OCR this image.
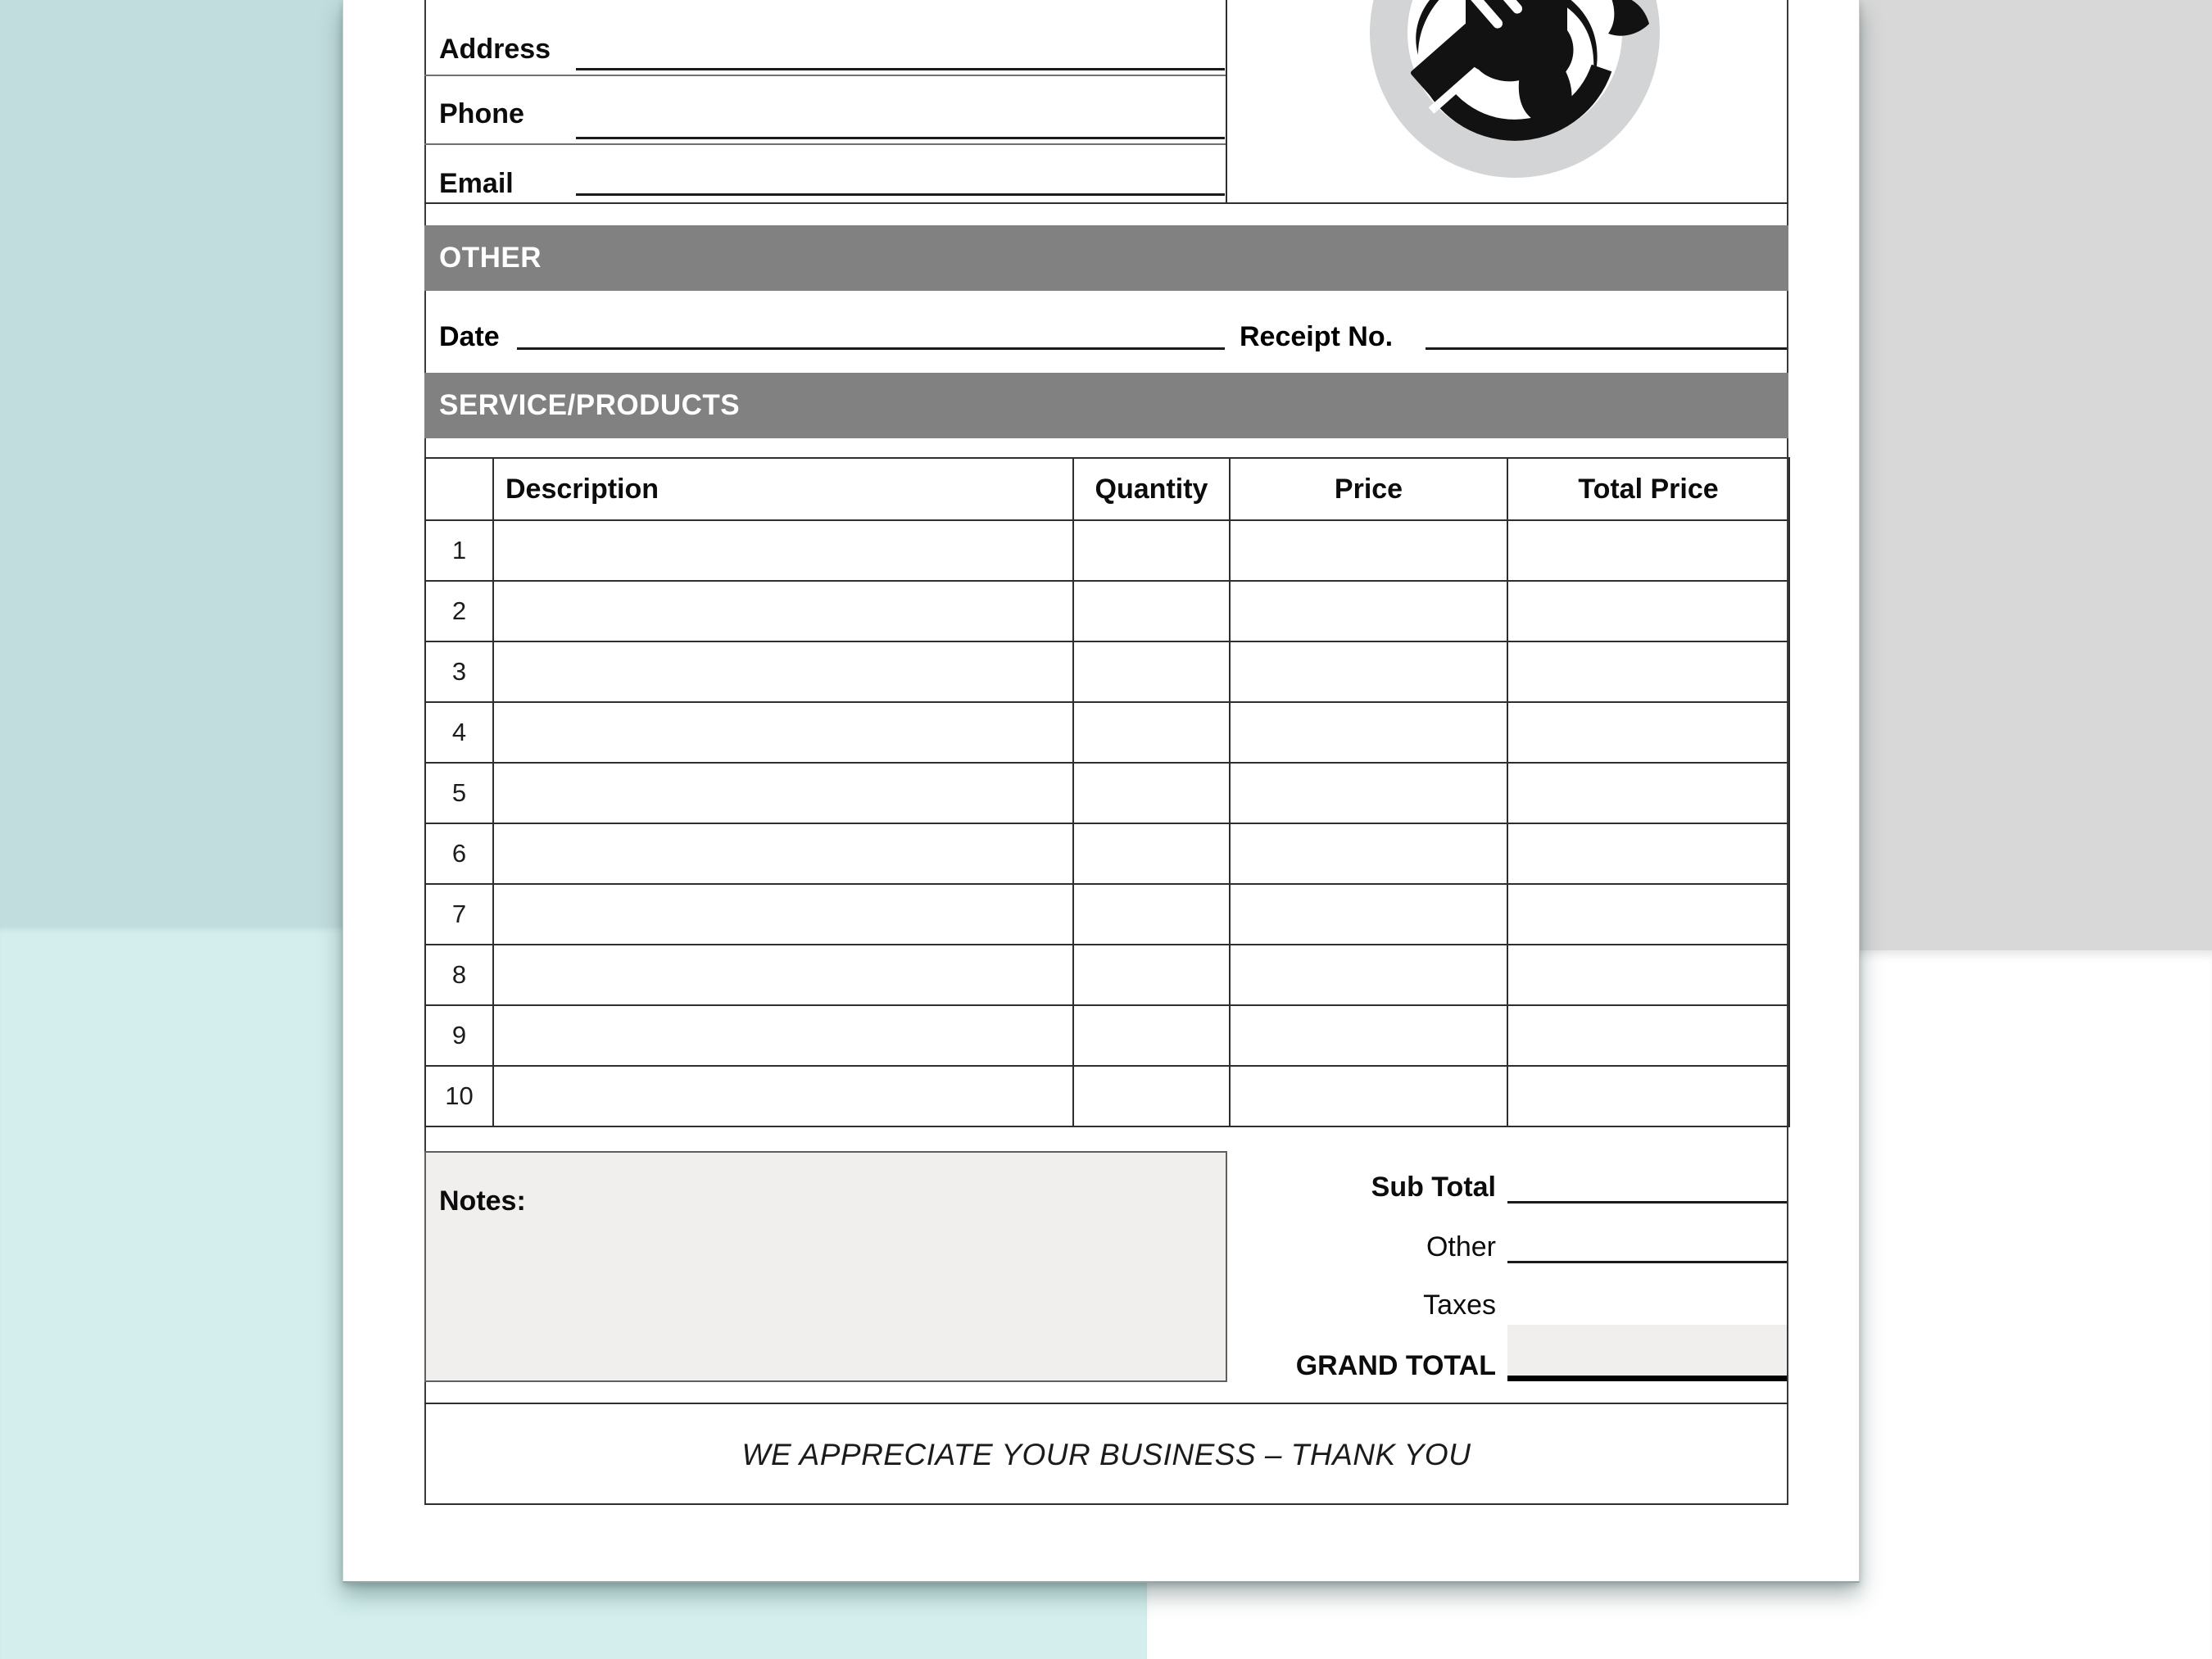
Address
Phone
Email
OTHER
Date	Receipt No.
SERVICE/PRODUCTS
	Description	Quantity	Price	Total Price
1				
2				
3				
4				
5				
6				
7				
8				
9				
10				
Notes:	Sub Total
Other
Taxes
GRAND TOTAL
WE APPRECIATE YOUR BUSINESS – THANK YOU
